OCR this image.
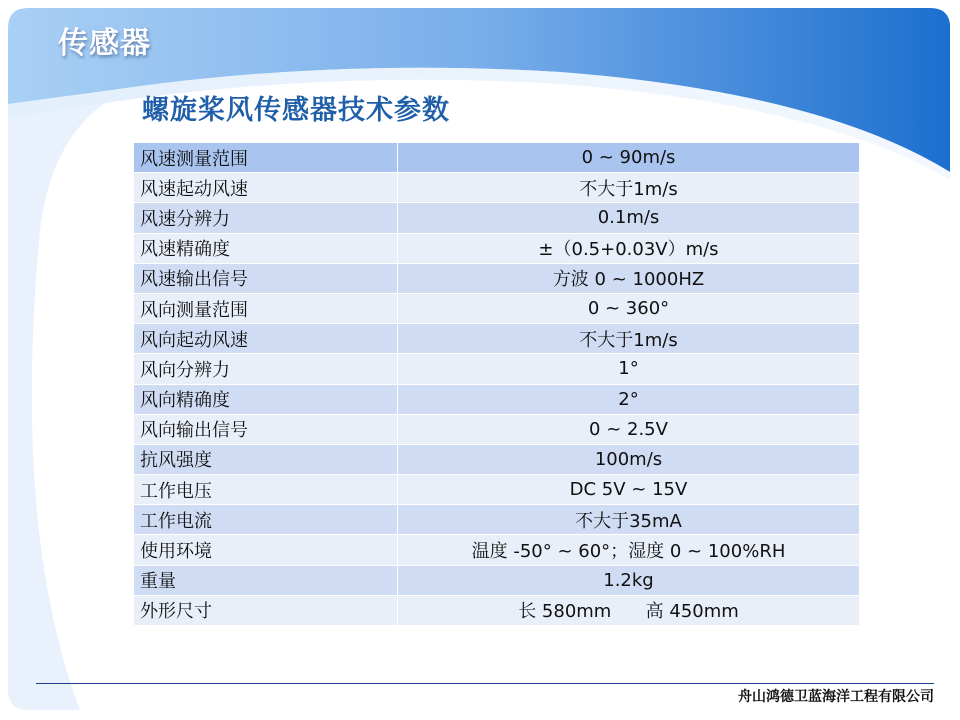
传感器
螺旋桨风传感器技术参数
风速测量范围	0 ~ 90m/s
风速起动风速	不大于1m/s
风速分辨力	0.1m/s
风速精确度	±（0.5+0.03V）m/s
风速输出信号	方波 0 ~ 1000HZ
风向测量范围	0 ~ 360°
风向起动风速	不大于1m/s
风向分辨力	1°
风向精确度	2°
风向输出信号	0 ~ 2.5V
抗风强度	100m/s
工作电压	DC 5V ~ 15V
工作电流	不大于35mA
使用环境	温度 -50° ~ 60°；湿度 0 ~ 100%RH
重量	1.2kg
外形尺寸	长 580mm      高 450mm

舟山鸿德卫蓝海洋工程有限公司
